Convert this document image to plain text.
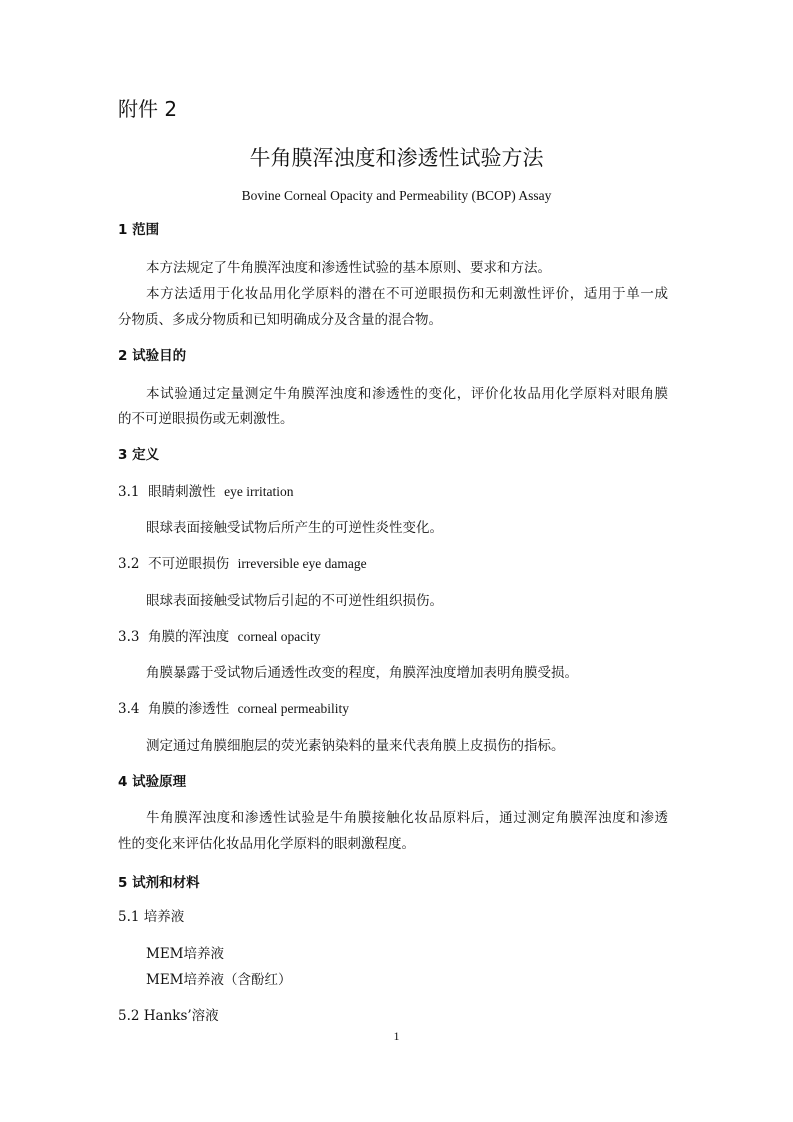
附件 2
牛角膜浑浊度和渗透性试验方法
Bovine Corneal Opacity and Permeability (BCOP) Assay
1 范围
本方法规定了牛角膜浑浊度和渗透性试验的基本原则、要求和方法。
本方法适用于化妆品用化学原料的潜在不可逆眼损伤和无刺激性评价，适用于单一成
分物质、多成分物质和已知明确成分及含量的混合物。
2 试验目的
本试验通过定量测定牛角膜浑浊度和渗透性的变化，评价化妆品用化学原料对眼角膜
的不可逆眼损伤或无刺激性。
3 定义
3.1 眼睛刺激性 eye irritation
眼球表面接触受试物后所产生的可逆性炎性变化。
3.2 不可逆眼损伤 irreversible eye damage
眼球表面接触受试物后引起的不可逆性组织损伤。
3.3 角膜的浑浊度 corneal opacity
角膜暴露于受试物后通透性改变的程度，角膜浑浊度增加表明角膜受损。
3.4 角膜的渗透性 corneal permeability
测定通过角膜细胞层的荧光素钠染料的量来代表角膜上皮损伤的指标。
4 试验原理
牛角膜浑浊度和渗透性试验是牛角膜接触化妆品原料后，通过测定角膜浑浊度和渗透
性的变化来评估化妆品用化学原料的眼刺激程度。
5 试剂和材料
5.1 培养液
MEM培养液
MEM培养液（含酚红）
5.2 Hanks’溶液
1
